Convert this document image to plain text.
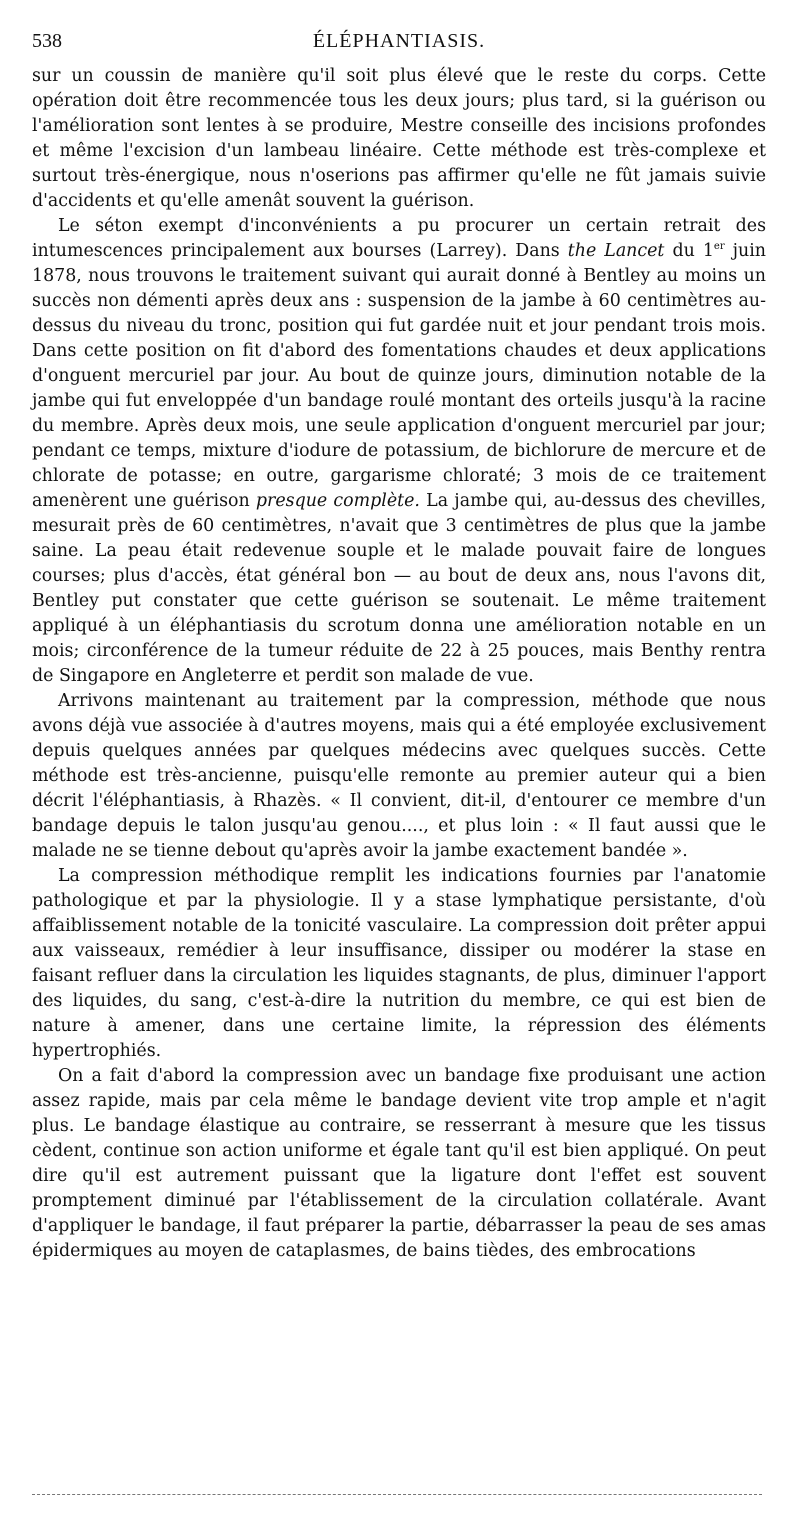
538	ÉLÉPHANTIASIS.

sur un coussin de manière qu'il soit plus élevé que le reste du corps. Cette opération doit être recommencée tous les deux jours; plus tard, si la guérison ou l'amélioration sont lentes à se produire, Mestre conseille des incisions profondes et même l'excision d'un lambeau linéaire. Cette méthode est très-complexe et surtout très-énergique, nous n'oserions pas affirmer qu'elle ne fût jamais suivie d'accidents et qu'elle amenât souvent la guérison.

Le séton exempt d'inconvénients a pu procurer un certain retrait des intumescences principalement aux bourses (Larrey). Dans the Lancet du 1er juin 1878, nous trouvons le traitement suivant qui aurait donné à Bentley au moins un succès non démenti après deux ans : suspension de la jambe à 60 centimètres au-dessus du niveau du tronc, position qui fut gardée nuit et jour pendant trois mois. Dans cette position on fit d'abord des fomentations chaudes et deux applications d'onguent mercuriel par jour. Au bout de quinze jours, diminution notable de la jambe qui fut enveloppée d'un bandage roulé montant des orteils jusqu'à la racine du membre. Après deux mois, une seule application d'onguent mercuriel par jour; pendant ce temps, mixture d'iodure de potassium, de bichlorure de mercure et de chlorate de potasse; en outre, gargarisme chloraté; 3 mois de ce traitement amenèrent une guérison presque complète. La jambe qui, au-dessus des chevilles, mesurait près de 60 centimètres, n'avait que 3 centimètres de plus que la jambe saine. La peau était redevenue souple et le malade pouvait faire de longues courses; plus d'accès, état général bon — au bout de deux ans, nous l'avons dit, Bentley put constater que cette guérison se soutenait. Le même traitement appliqué à un éléphantiasis du scrotum donna une amélioration notable en un mois; circonférence de la tumeur réduite de 22 à 25 pouces, mais Benthy rentra de Singapore en Angleterre et perdit son malade de vue.

Arrivons maintenant au traitement par la compression, méthode que nous avons déjà vue associée à d'autres moyens, mais qui a été employée exclusivement depuis quelques années par quelques médecins avec quelques succès. Cette méthode est très-ancienne, puisqu'elle remonte au premier auteur qui a bien décrit l'éléphantiasis, à Rhazès. « Il convient, dit-il, d'entourer ce membre d'un bandage depuis le talon jusqu'au genou...., et plus loin : « Il faut aussi que le malade ne se tienne debout qu'après avoir la jambe exactement bandée ».

La compression méthodique remplit les indications fournies par l'anatomie pathologique et par la physiologie. Il y a stase lymphatique persistante, d'où affaiblissement notable de la tonicité vasculaire. La compression doit prêter appui aux vaisseaux, remédier à leur insuffisance, dissiper ou modérer la stase en faisant refluer dans la circulation les liquides stagnants, de plus, diminuer l'apport des liquides, du sang, c'est-à-dire la nutrition du membre, ce qui est bien de nature à amener, dans une certaine limite, la répression des éléments hypertrophiés.

On a fait d'abord la compression avec un bandage fixe produisant une action assez rapide, mais par cela même le bandage devient vite trop ample et n'agit plus. Le bandage élastique au contraire, se resserrant à mesure que les tissus cèdent, continue son action uniforme et égale tant qu'il est bien appliqué. On peut dire qu'il est autrement puissant que la ligature dont l'effet est souvent promptement diminué par l'établissement de la circulation collatérale. Avant d'appliquer le bandage, il faut préparer la partie, débarrasser la peau de ses amas épidermiques au moyen de cataplasmes, de bains tièdes, des embrocations
